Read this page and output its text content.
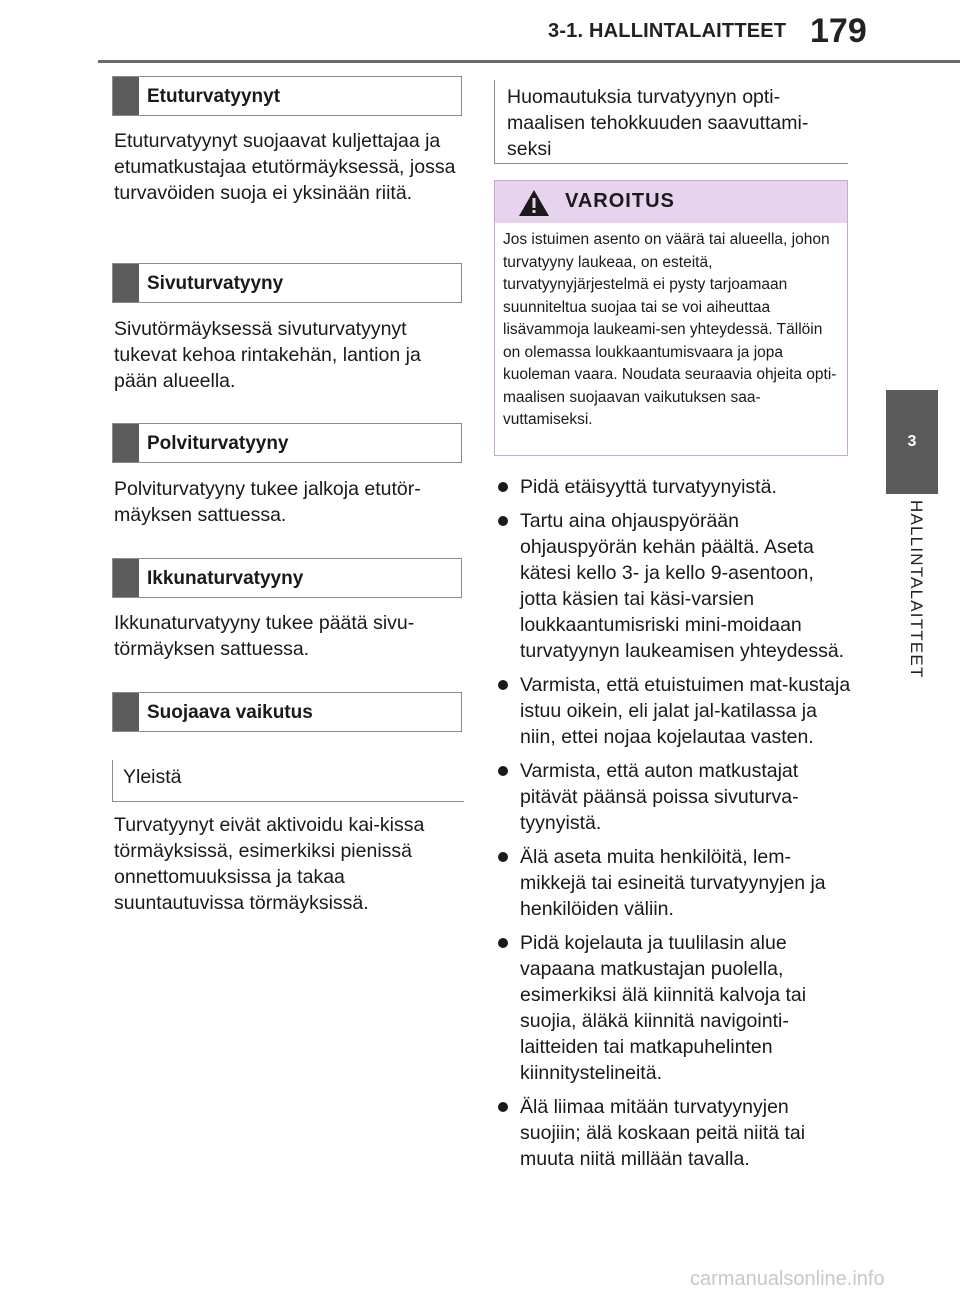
3-1. HALLINTALAITTEET 179
3
HALLINTALAITTEET
Etuturvatyynyt
Etuturvatyynyt suojaavat kuljettajaa ja etumatkustajaa etutörmäyksessä, jossa turvavöiden suoja ei yksinään riitä.
Sivuturvatyyny
Sivutörmäyksessä sivuturvatyynyt tukevat kehoa rintakehän, lantion ja pään alueella.
Polviturvatyyny
Polviturvatyyny tukee jalkoja etutör-mäyksen sattuessa.
Ikkunaturvatyyny
Ikkunaturvatyyny tukee päätä sivu-törmäyksen sattuessa.
Suojaava vaikutus
Yleistä
Turvatyynyt eivät aktivoidu kai-kissa törmäyksissä, esimerkiksi pienissä onnettomuuksissa ja takaa suuntautuvissa törmäyksissä.
Huomautuksia turvatyynyn opti-maalisen tehokkuuden saavuttami-seksi
VAROITUS
Jos istuimen asento on väärä tai alueella, johon turvatyyny laukeaa, on esteitä, turvatyynyjärjestelmä ei pysty tarjoamaan suunniteltua suojaa tai se voi aiheuttaa lisävammoja laukeami-sen yhteydessä. Tällöin on olemassa loukkaantumisvaara ja jopa kuoleman vaara. Noudata seuraavia ohjeita opti-maalisen suojaavan vaikutuksen saa-vuttamiseksi.
Pidä etäisyyttä turvatyynyistä.
Tartu aina ohjauspyörään ohjauspyörän kehän päältä. Aseta kätesi kello 3- ja kello 9-asentoon, jotta käsien tai käsi-varsien loukkaantumisriski mini-moidaan turvatyynyn laukeamisen yhteydessä.
Varmista, että etuistuimen mat-kustaja istuu oikein, eli jalat jal-katilassa ja niin, ettei nojaa kojelautaa vasten.
Varmista, että auton matkustajat pitävät päänsä poissa sivuturva-tyynyistä.
Älä aseta muita henkilöitä, lem-mikkejä tai esineitä turvatyynyjen ja henkilöiden väliin.
Pidä kojelauta ja tuulilasin alue vapaana matkustajan puolella, esimerkiksi älä kiinnitä kalvoja tai suojia, äläkä kiinnitä navigointi-laitteiden tai matkapuhelinten kiinnitystelineitä.
Älä liimaa mitään turvatyynyjen suojiin; älä koskaan peitä niitä tai muuta niitä millään tavalla.
carmanualsonline.info
